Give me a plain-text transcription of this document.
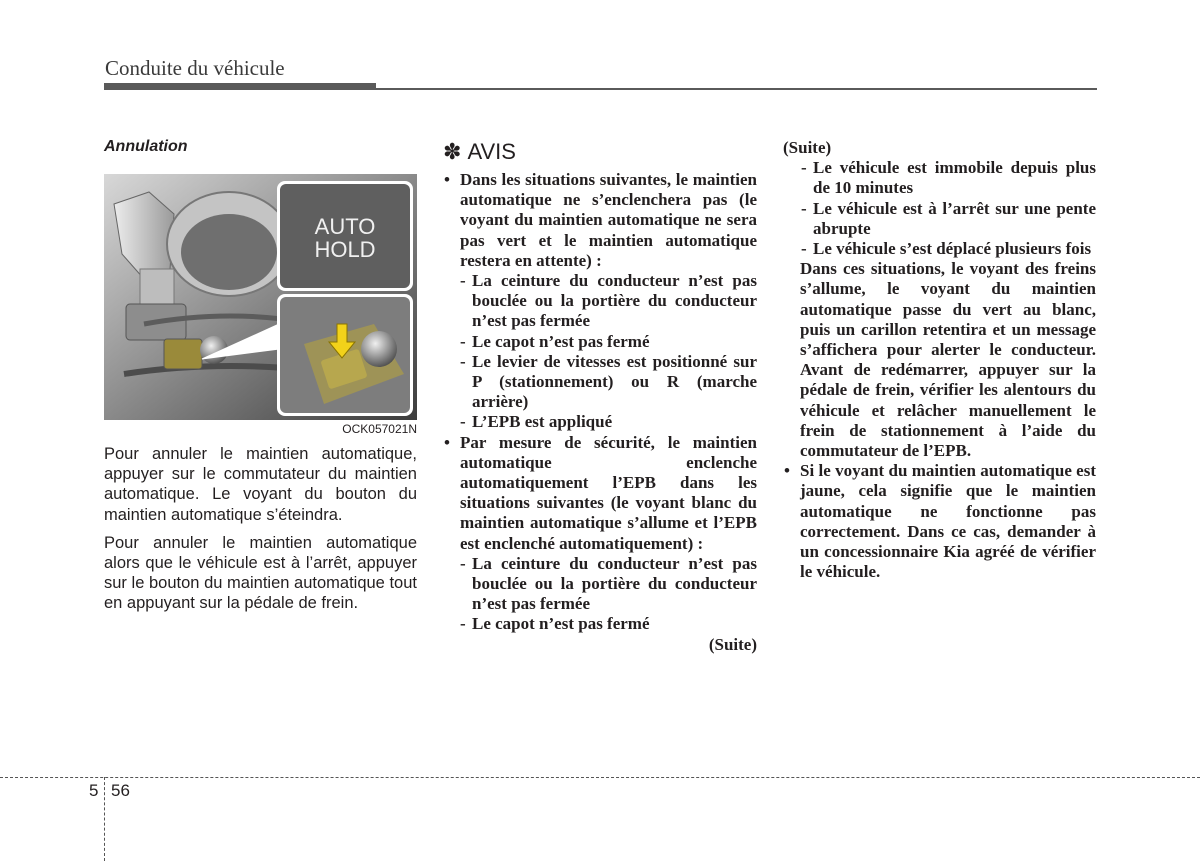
Conduite du véhicule
Annulation
AUTO
HOLD
OCK057021N

Pour annuler le maintien automatique, appuyer sur le commutateur du maintien automatique. Le voyant du bouton du maintien automatique s’éteindra.

Pour annuler le maintien automatique alors que le véhicule est à l’arrêt, appuyer sur le bouton du maintien automatique tout en appuyant sur la pédale de frein.

✽ AVIS
• Dans les situations suivantes, le maintien automatique ne s’enclenchera pas (le voyant du maintien automatique ne sera pas vert et le maintien automatique restera en attente) :
- La ceinture du conducteur n’est pas bouclée ou la portière du conducteur n’est pas fermée
- Le capot n’est pas fermé
- Le levier de vitesses est positionné sur P (stationnement) ou R (marche arrière)
- L’EPB est appliqué
• Par mesure de sécurité, le maintien automatique enclenche automatiquement l’EPB dans les situations suivantes (le voyant blanc du maintien automatique s’allume et l’EPB est enclenché automatiquement) :
- La ceinture du conducteur n’est pas bouclée ou la portière du conducteur n’est pas fermée
- Le capot n’est pas fermé
(Suite)
(Suite)
- Le véhicule est immobile depuis plus de 10 minutes
- Le véhicule est à l’arrêt sur une pente abrupte
- Le véhicule s’est déplacé plusieurs fois
Dans ces situations, le voyant des freins s’allume, le voyant du maintien automatique passe du vert au blanc, puis un carillon retentira et un message s’affichera pour alerter le conducteur. Avant de redémarrer, appuyer sur la pédale de frein, vérifier les alentours du véhicule et relâcher manuellement le frein de stationnement à l’aide du commutateur de l’EPB.
• Si le voyant du maintien automatique est jaune, cela signifie que le maintien automatique ne fonctionne pas correctement. Dans ce cas, demander à un concessionnaire Kia agréé de vérifier le véhicule.
5 56
